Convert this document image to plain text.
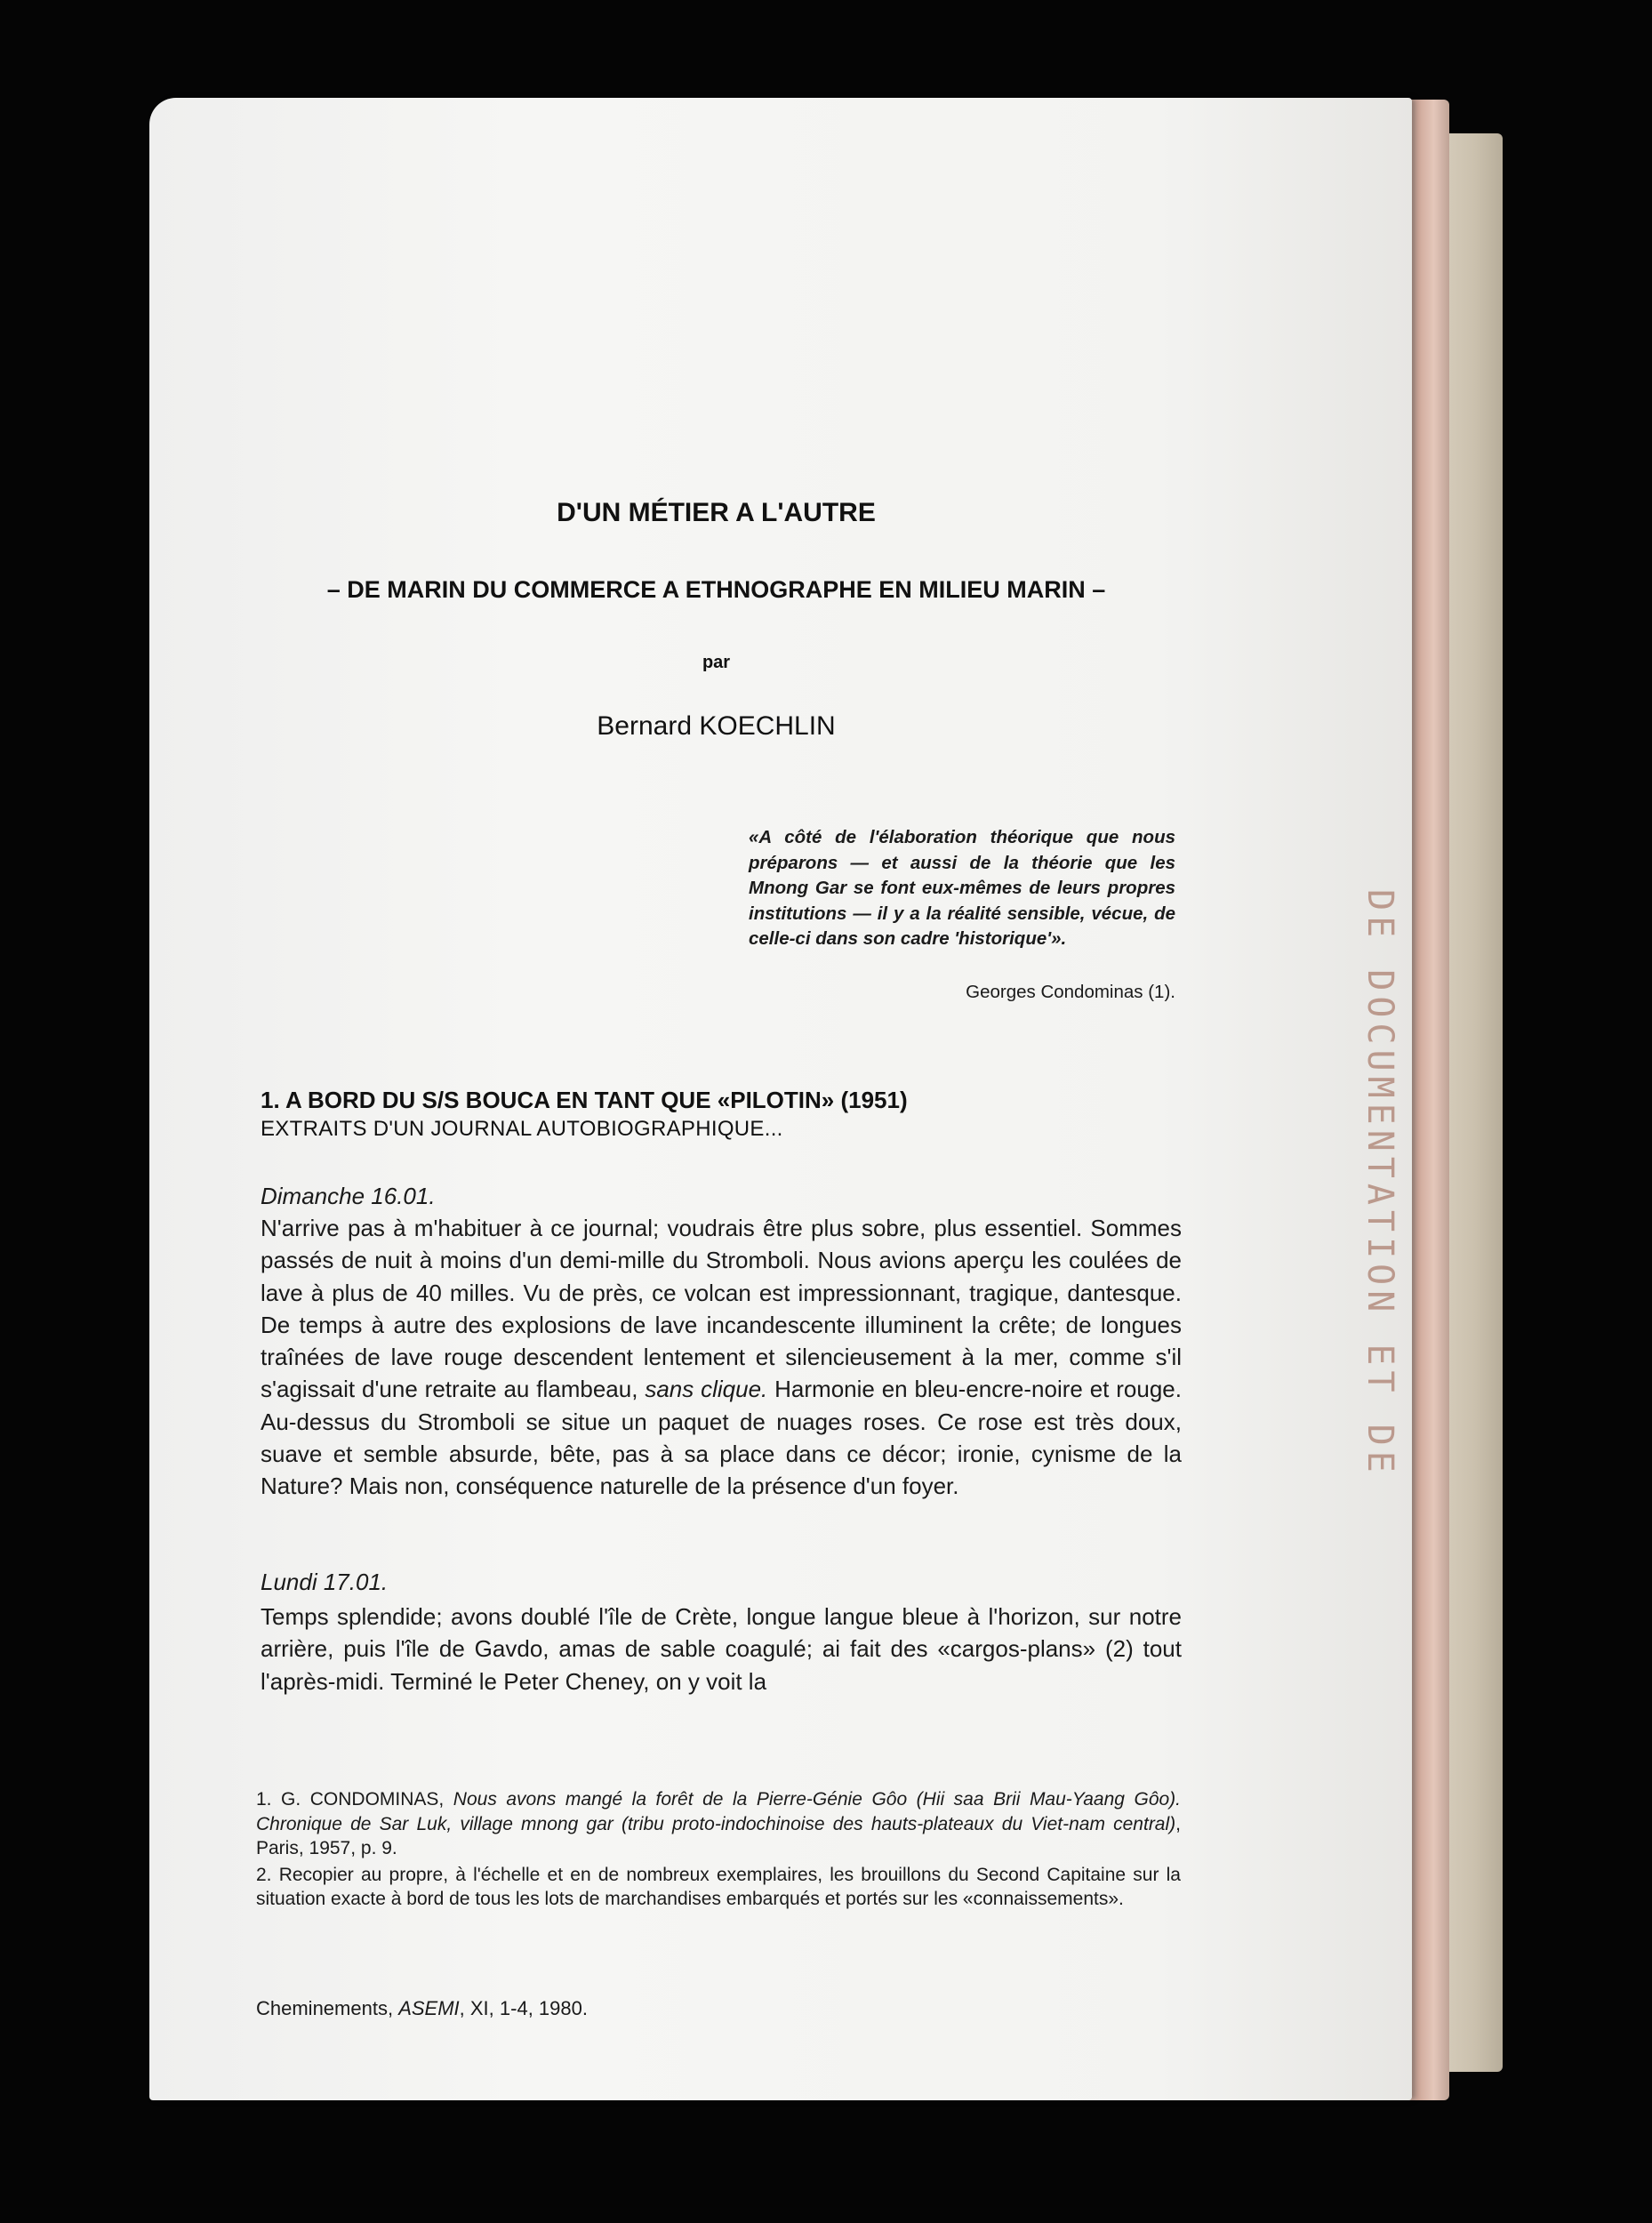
DE DOCUMENTATION ET DE
D'UN MÉTIER A L'AUTRE
– DE MARIN DU COMMERCE A ETHNOGRAPHE EN MILIEU MARIN –
par
Bernard KOECHLIN
«A côté de l'élaboration théorique que nous préparons — et aussi de la théorie que les Mnong Gar se font eux-mêmes de leurs propres institutions — il y a la réalité sensible, vécue, de celle-ci dans son cadre 'historique'».
Georges Condominas (1).
1. A BORD DU S/S BOUCA EN TANT QUE «PILOTIN» (1951)
EXTRAITS D'UN JOURNAL AUTOBIOGRAPHIQUE...
Dimanche 16.01.
N'arrive pas à m'habituer à ce journal; voudrais être plus sobre, plus essentiel. Sommes passés de nuit à moins d'un demi-mille du Stromboli. Nous avions aperçu les coulées de lave à plus de 40 milles. Vu de près, ce volcan est impressionnant, tragique, dantesque. De temps à autre des explosions de lave incandescente illuminent la crête; de longues traînées de lave rouge descendent lentement et silencieusement à la mer, comme s'il s'agissait d'une retraite au flambeau, sans clique. Harmonie en bleu-encre-noire et rouge. Au-dessus du Stromboli se situe un paquet de nuages roses. Ce rose est très doux, suave et semble absurde, bête, pas à sa place dans ce décor; ironie, cynisme de la Nature? Mais non, conséquence naturelle de la présence d'un foyer.
Lundi 17.01.
Temps splendide; avons doublé l'île de Crète, longue langue bleue à l'horizon, sur notre arrière, puis l'île de Gavdo, amas de sable coagulé; ai fait des «cargos-plans» (2) tout l'après-midi. Terminé le Peter Cheney, on y voit la

1. G. CONDOMINAS, Nous avons mangé la forêt de la Pierre-Génie Gôo (Hii saa Brii Mau-Yaang Gôo). Chronique de Sar Luk, village mnong gar (tribu proto-indochinoise des hauts-plateaux du Viet-nam central), Paris, 1957, p. 9.

2. Recopier au propre, à l'échelle et en de nombreux exemplaires, les brouillons du Second Capitaine sur la situation exacte à bord de tous les lots de marchandises embarqués et portés sur les «connaissements».

Cheminements, ASEMI, XI, 1-4, 1980.
